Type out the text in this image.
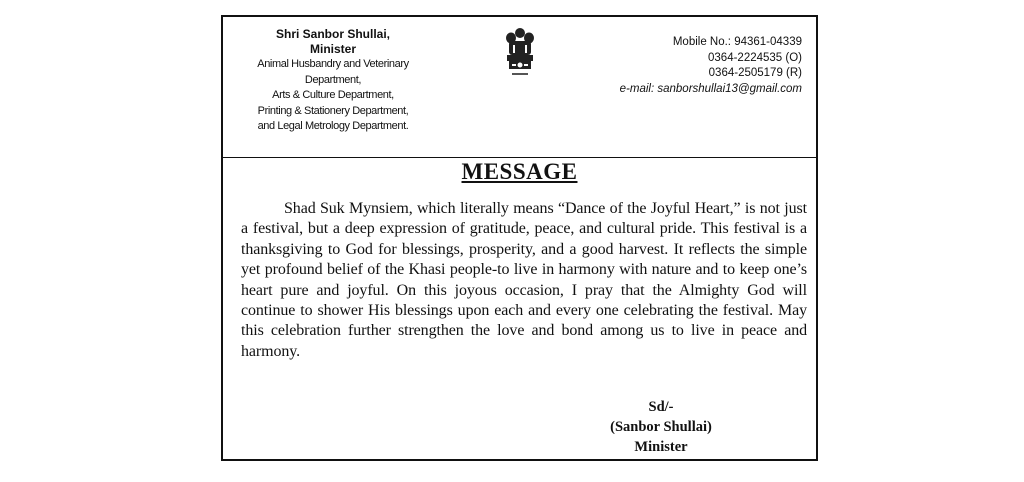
Shri Sanbor Shullai,
Minister
Animal Husbandry and Veterinary
Department,
Arts & Culture Department,
Printing & Stationery Department,
and Legal Metrology Department.
Mobile No.: 94361-04339
0364-2224535 (O)
0364-2505179 (R)
e-mail: sanborshullai13@gmail.com
MESSAGE
Shad Suk Mynsiem, which literally means “Dance of the Joyful Heart,” is not just a festival, but a deep expression of gratitude, peace, and cultural pride. This festival is a thanksgiving to God for blessings, prosperity, and a good harvest. It reflects the simple yet profound belief of the Khasi people-to live in harmony with nature and to keep one’s heart pure and joyful. On this joyous occasion, I pray that the Almighty God will continue to shower His blessings upon each and every one celebrating the festival. May this celebration further strengthen the love and bond among us to live in peace and harmony.
Sd/-
(Sanbor Shullai)
Minister
